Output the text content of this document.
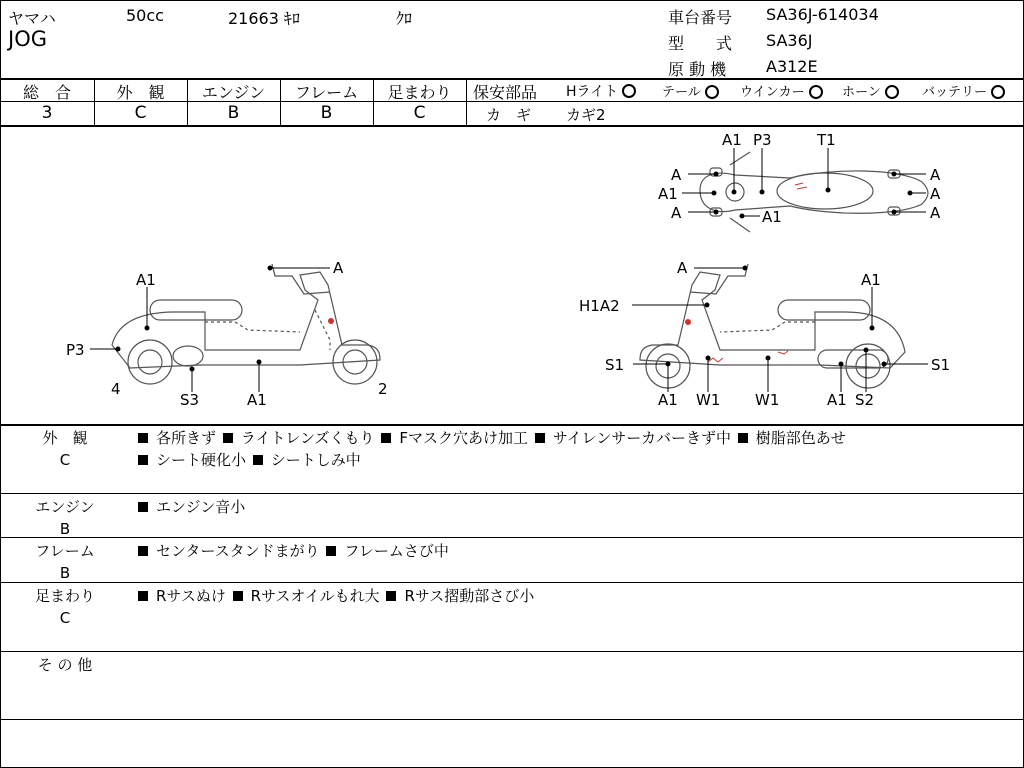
ヤマハ	50cc	21663 ｷﾛ	ｸﾛ
JOG
車台番号 SA36J-614034
型　　式 SA36J
原 動 機 A312E
総　合	外　観	エンジン	フレーム	足まわり
3	C	B	B	C
保安部品 Hライト	テール	ウインカー	ホーン	バッテリー
カ　ギ カギ2
A1 P3	T1
A
A1
A
A
A
A
A1
A
A1
P3
4
S3	A1
2
A
A1
H1A2
S1	S1
A1 W1 W1	A1 S2
外　観
C
各所きず ライトレンズくもり Fマスク穴あけ加工 サイレンサーカバーきず中 樹脂部色あせ
シート硬化小 シートしみ中
エンジン
B
エンジン音小
フレーム
B
センタースタンドまがり フレームさび中
足まわり
C
Rサスぬけ Rサスオイルもれ大 Rサス摺動部さび小
そ の 他
